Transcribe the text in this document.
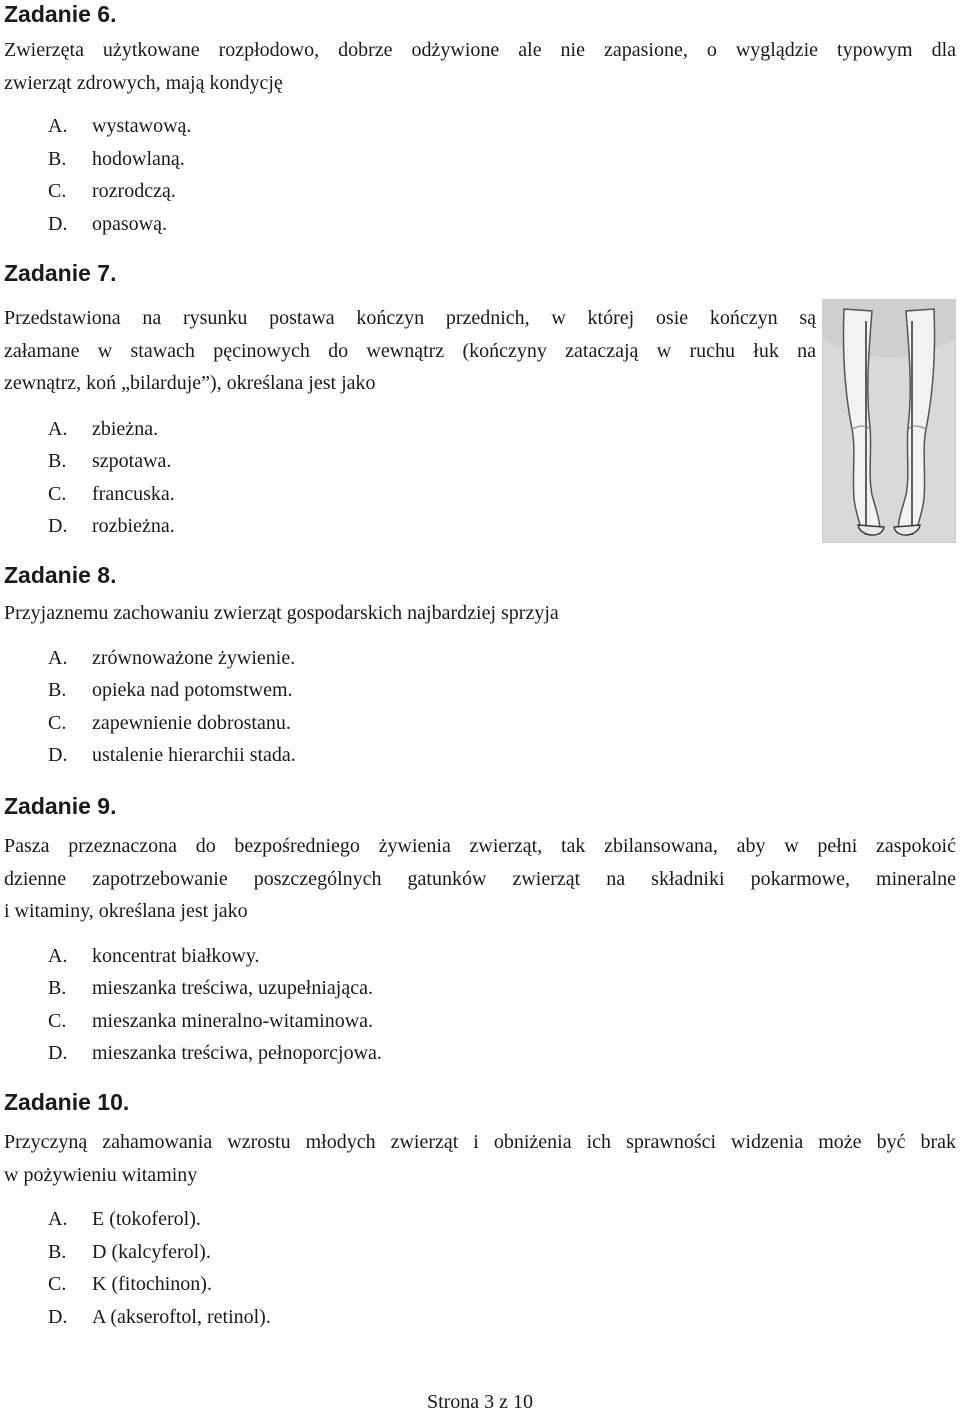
Zadanie 6.

Zwierzęta użytkowane rozpłodowo, dobrze odżywione ale nie zapasione, o wyglądzie typowym dla
zwierząt zdrowych, mają kondycję

A.	wystawową.
B.	hodowlaną.
C.	rozrodczą.
D.	opasową.
Zadanie 7.

Przedstawiona na rysunku postawa kończyn przednich, w której osie kończyn są
załamane w stawach pęcinowych do wewnątrz (kończyny zataczają w ruchu łuk na
zewnątrz, koń „bilarduje”), określana jest jako

A.	zbieżna.
B.	szpotawa.
C.	francuska.
D.	rozbieżna.
Zadanie 8.

Przyjaznemu zachowaniu zwierząt gospodarskich najbardziej sprzyja

A.	zrównoważone żywienie.
B.	opieka nad potomstwem.
C.	zapewnienie dobrostanu.
D.	ustalenie hierarchii stada.
Zadanie 9.

Pasza przeznaczona do bezpośredniego żywienia zwierząt, tak zbilansowana, aby w pełni zaspokoić
dzienne zapotrzebowanie poszczególnych gatunków zwierząt na składniki pokarmowe, mineralne
i witaminy, określana jest jako

A.	koncentrat białkowy.
B.	mieszanka treściwa, uzupełniająca.
C.	mieszanka mineralno-witaminowa.
D.	mieszanka treściwa, pełnoporcjowa.
Zadanie 10.

Przyczyną zahamowania wzrostu młodych zwierząt i obniżenia ich sprawności widzenia może być brak
w pożywieniu witaminy

A.	E (tokoferol).
B.	D (kalcyferol).
C.	K (fitochinon).
D.	A (akseroftol, retinol).
Strona 3 z 10
